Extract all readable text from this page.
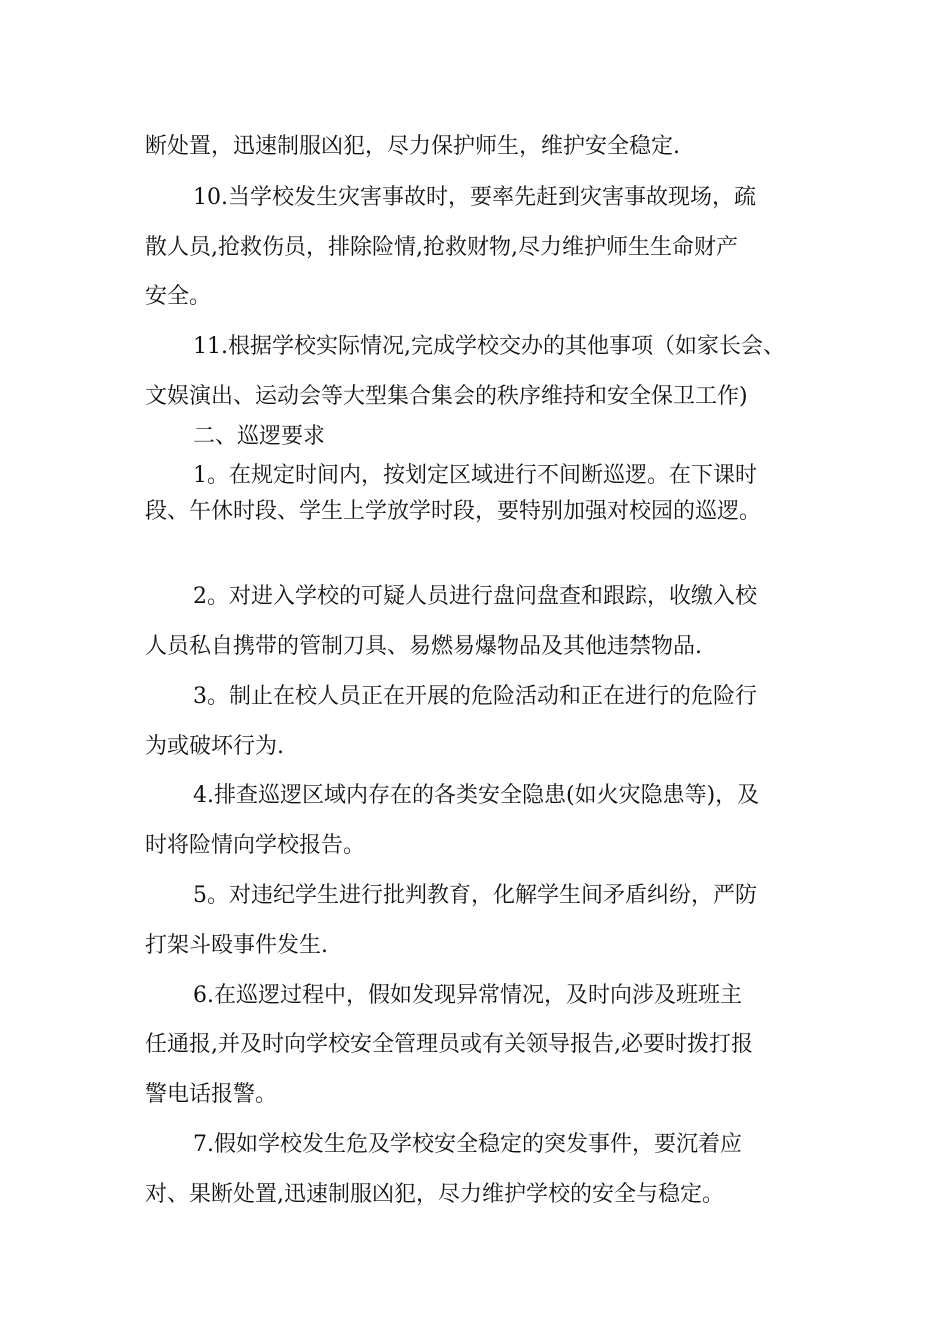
断处置，迅速制服凶犯，尽力保护师生，维护安全稳定.
10.当学校发生灾害事故时，要率先赶到灾害事故现场，疏
散人员,抢救伤员，排除险情,抢救财物,尽力维护师生生命财产
安全。
11.根据学校实际情况,完成学校交办的其他事项（如家长会、
文娱演出、运动会等大型集合集会的秩序维持和安全保卫工作)
二、巡逻要求
1。在规定时间内，按划定区域进行不间断巡逻。在下课时
段、午休时段、学生上学放学时段，要特别加强对校园的巡逻。
2。对进入学校的可疑人员进行盘问盘查和跟踪，收缴入校
人员私自携带的管制刀具、易燃易爆物品及其他违禁物品.
3。制止在校人员正在开展的危险活动和正在进行的危险行
为或破坏行为.
4.排查巡逻区域内存在的各类安全隐患(如火灾隐患等)，及
时将险情向学校报告。
5。对违纪学生进行批判教育，化解学生间矛盾纠纷，严防
打架斗殴事件发生.
6.在巡逻过程中，假如发现异常情况，及时向涉及班班主
任通报,并及时向学校安全管理员或有关领导报告,必要时拨打报
警电话报警。
7.假如学校发生危及学校安全稳定的突发事件，要沉着应
对、果断处置,迅速制服凶犯，尽力维护学校的安全与稳定。
